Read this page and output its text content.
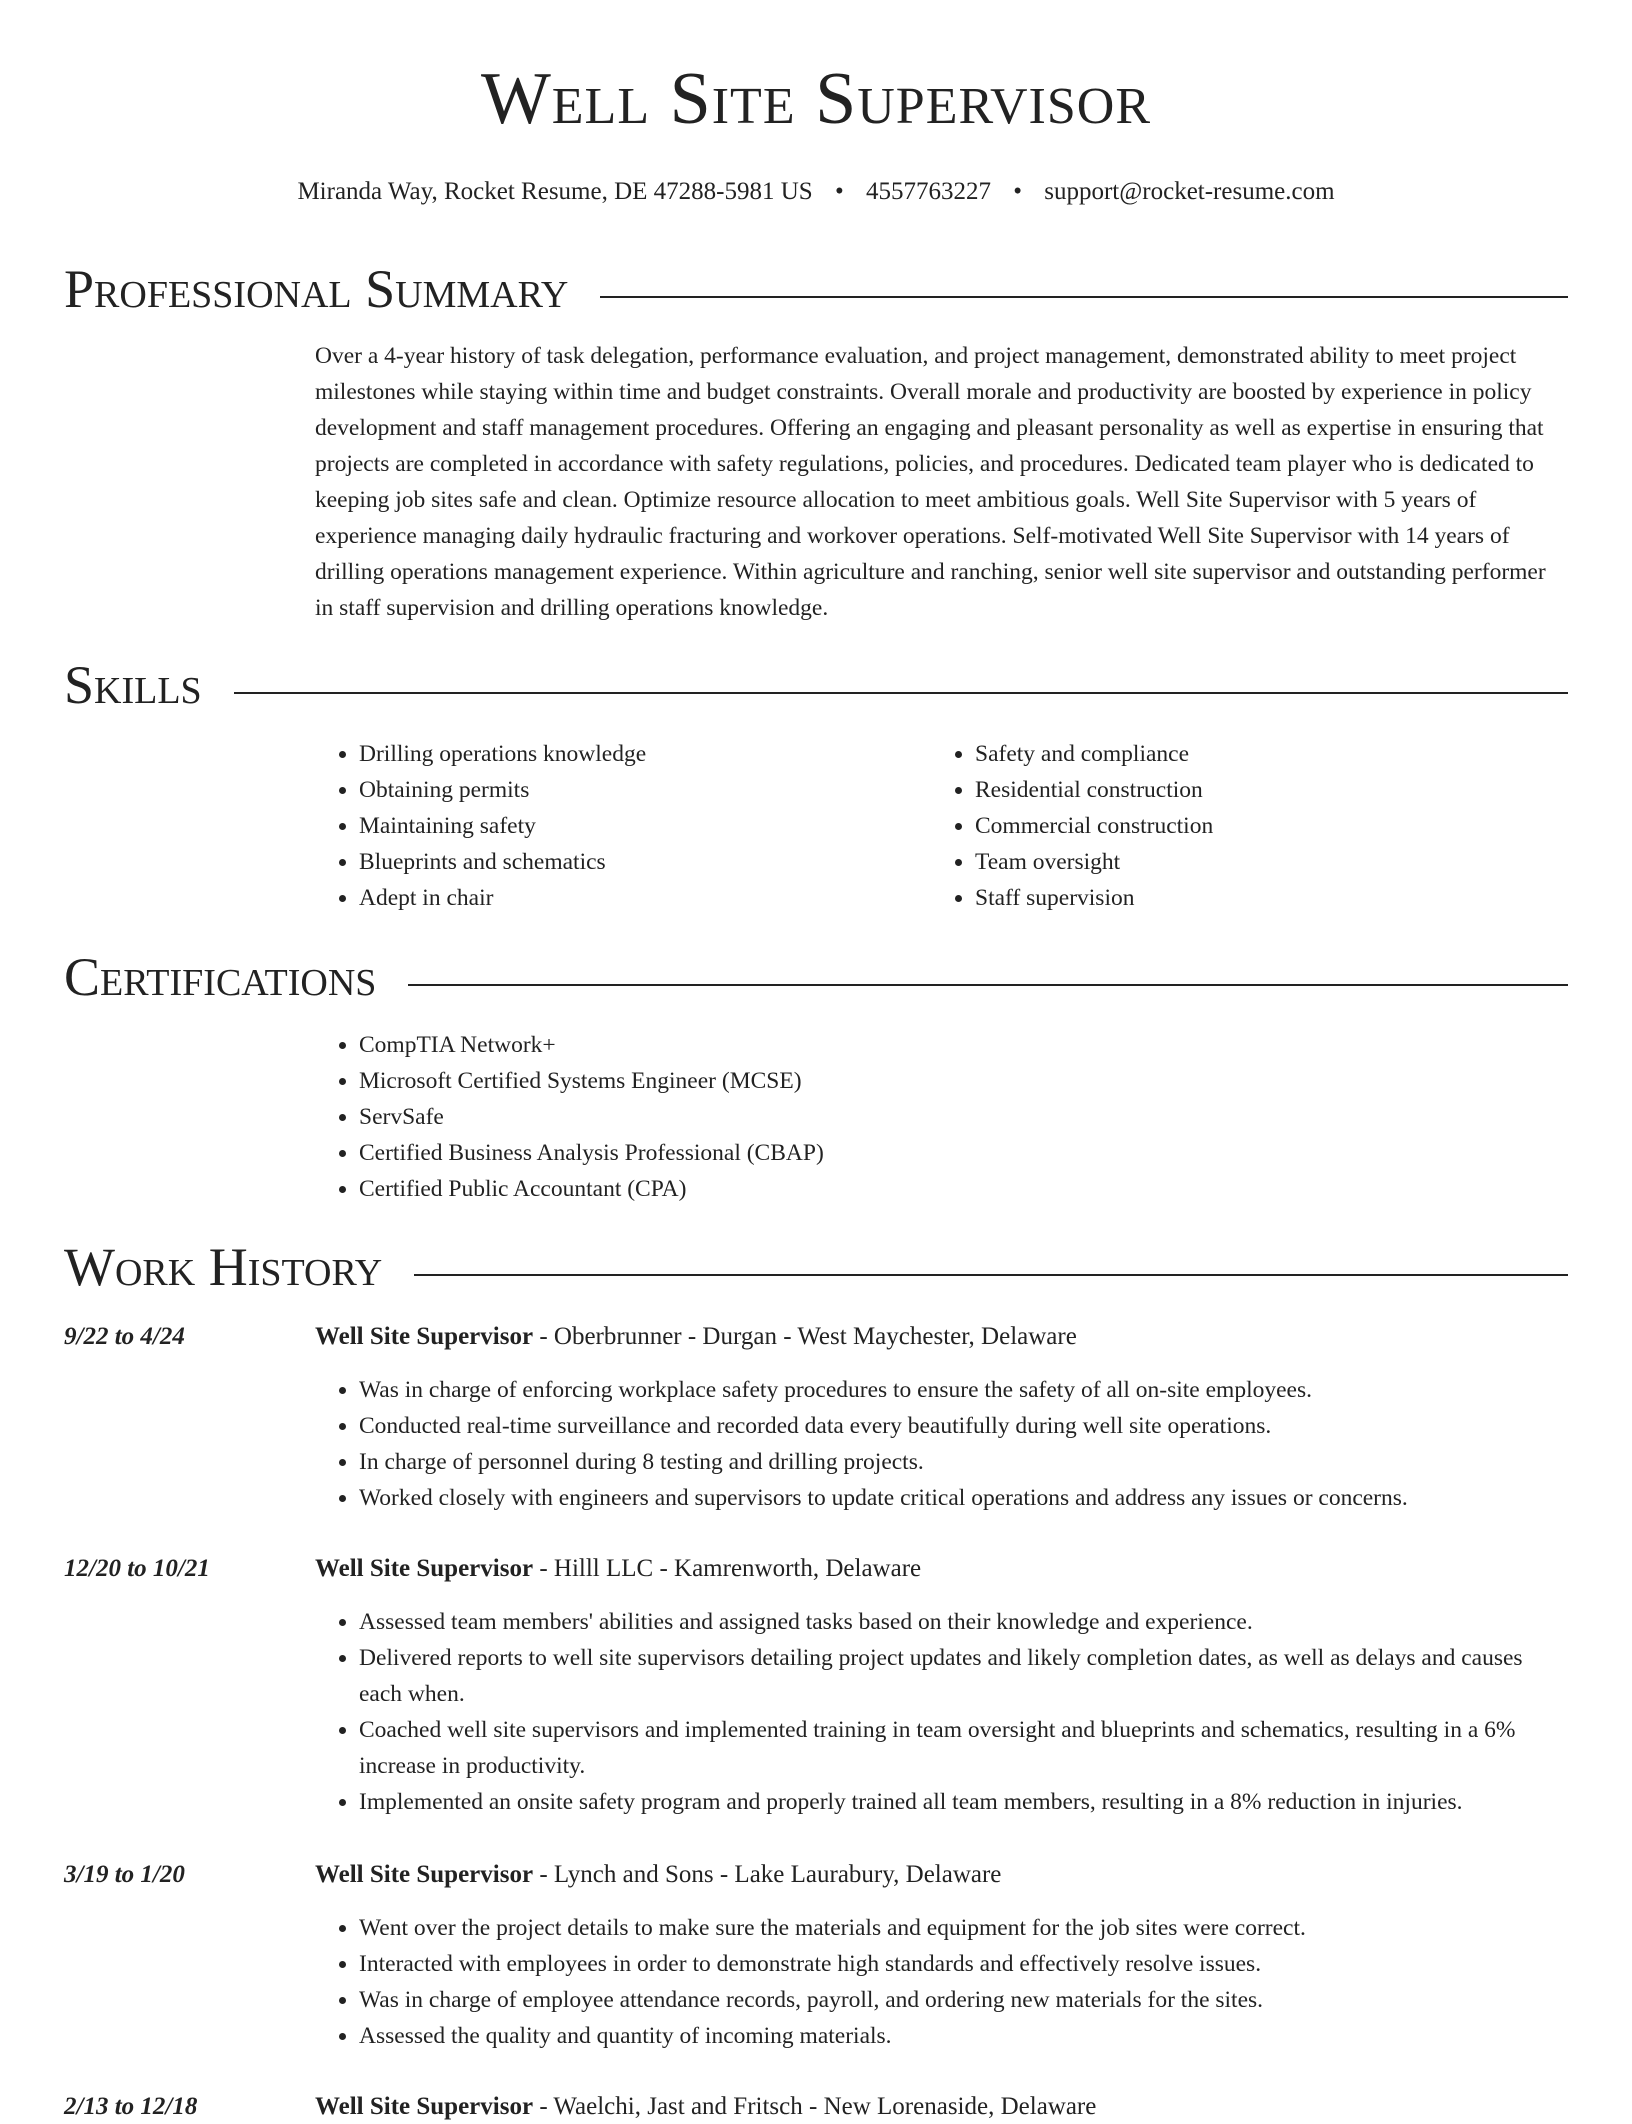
Well Site Supervisor
Miranda Way, Rocket Resume, DE 47288-5981 US • 4557763227 • support@rocket-resume.com
Professional Summary

Over a 4-year history of task delegation, performance evaluation, and project management, demonstrated ability to meet project milestones while staying within time and budget constraints. Overall morale and productivity are boosted by experience in policy development and staff management procedures. Offering an engaging and pleasant personality as well as expertise in ensuring that projects are completed in accordance with safety regulations, policies, and procedures. Dedicated team player who is dedicated to keeping job sites safe and clean. Optimize resource allocation to meet ambitious goals. Well Site Supervisor with 5 years of experience managing daily hydraulic fracturing and workover operations. Self-motivated Well Site Supervisor with 14 years of drilling operations management experience. Within agriculture and ranching, senior well site supervisor and outstanding performer in staff supervision and drilling operations knowledge.

Skills
• Drilling operations knowledge
• Obtaining permits
• Maintaining safety
• Blueprints and schematics
• Adept in chair
• Safety and compliance
• Residential construction
• Commercial construction
• Team oversight
• Staff supervision
Certifications
• CompTIA Network+
• Microsoft Certified Systems Engineer (MCSE)
• ServSafe
• Certified Business Analysis Professional (CBAP)
• Certified Public Accountant (CPA)
Work History
9/22 to 4/24	Well Site Supervisor - Oberbrunner - Durgan - West Maychester, Delaware
• Was in charge of enforcing workplace safety procedures to ensure the safety of all on-site employees.
• Conducted real-time surveillance and recorded data every beautifully during well site operations.
• In charge of personnel during 8 testing and drilling projects.
• Worked closely with engineers and supervisors to update critical operations and address any issues or concerns.
12/20 to 10/21	Well Site Supervisor - Hilll LLC - Kamrenworth, Delaware
• Assessed team members' abilities and assigned tasks based on their knowledge and experience.
• Delivered reports to well site supervisors detailing project updates and likely completion dates, as well as delays and causes each when.
• Coached well site supervisors and implemented training in team oversight and blueprints and schematics, resulting in a 6% increase in productivity.
• Implemented an onsite safety program and properly trained all team members, resulting in a 8% reduction in injuries.
3/19 to 1/20	Well Site Supervisor - Lynch and Sons - Lake Laurabury, Delaware
• Went over the project details to make sure the materials and equipment for the job sites were correct.
• Interacted with employees in order to demonstrate high standards and effectively resolve issues.
• Was in charge of employee attendance records, payroll, and ordering new materials for the sites.
• Assessed the quality and quantity of incoming materials.
2/13 to 12/18	Well Site Supervisor - Waelchi, Jast and Fritsch - New Lorenaside, Delaware
